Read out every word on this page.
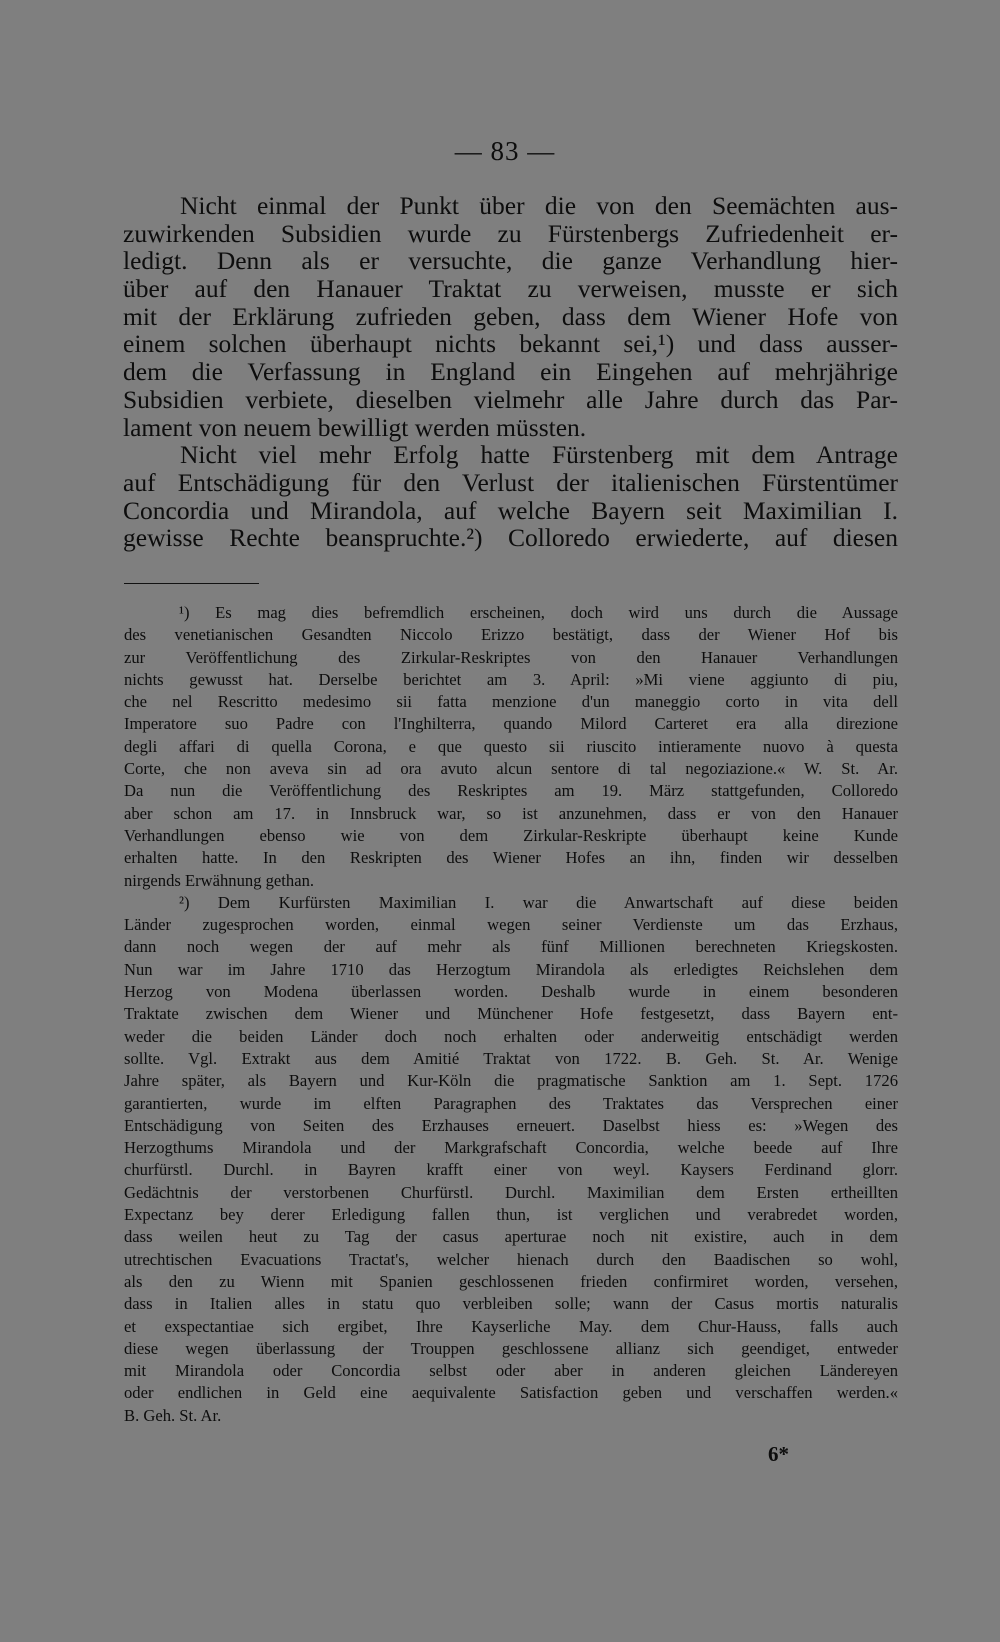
— 83 —
Nicht einmal der Punkt über die von den Seemächten aus-
zuwirkenden Subsidien wurde zu Fürstenbergs Zufriedenheit er-
ledigt. Denn als er versuchte, die ganze Verhandlung hier-
über auf den Hanauer Traktat zu verweisen, musste er sich
mit der Erklärung zufrieden geben, dass dem Wiener Hofe von
einem solchen überhaupt nichts bekannt sei,¹) und dass ausser-
dem die Verfassung in England ein Eingehen auf mehrjährige
Subsidien verbiete, dieselben vielmehr alle Jahre durch das Par-
lament von neuem bewilligt werden müssten.
Nicht viel mehr Erfolg hatte Fürstenberg mit dem Antrage
auf Entschädigung für den Verlust der italienischen Fürstentümer
Concordia und Mirandola, auf welche Bayern seit Maximilian I.
gewisse Rechte beanspruchte.²) Colloredo erwiederte, auf diesen
¹) Es mag dies befremdlich erscheinen, doch wird uns durch die Aussage
des venetianischen Gesandten Niccolo Erizzo bestätigt, dass der Wiener Hof bis
zur Veröffentlichung des Zirkular-Reskriptes von den Hanauer Verhandlungen
nichts gewusst hat. Derselbe berichtet am 3. April: »Mi viene aggiunto di piu,
che nel Rescritto medesimo sii fatta menzione d'un maneggio corto in vita dell
Imperatore suo Padre con l'Inghilterra, quando Milord Carteret era alla direzione
degli affari di quella Corona, e que questo sii riuscito intieramente nuovo à questa
Corte, che non aveva sin ad ora avuto alcun sentore di tal negoziazione.« W. St. Ar.
Da nun die Veröffentlichung des Reskriptes am 19. März stattgefunden, Colloredo
aber schon am 17. in Innsbruck war, so ist anzunehmen, dass er von den Hanauer
Verhandlungen ebenso wie von dem Zirkular-Reskripte überhaupt keine Kunde
erhalten hatte. In den Reskripten des Wiener Hofes an ihn, finden wir desselben
nirgends Erwähnung gethan.
²) Dem Kurfürsten Maximilian I. war die Anwartschaft auf diese beiden
Länder zugesprochen worden, einmal wegen seiner Verdienste um das Erzhaus,
dann noch wegen der auf mehr als fünf Millionen berechneten Kriegskosten.
Nun war im Jahre 1710 das Herzogtum Mirandola als erledigtes Reichslehen dem
Herzog von Modena überlassen worden. Deshalb wurde in einem besonderen
Traktate zwischen dem Wiener und Münchener Hofe festgesetzt, dass Bayern ent-
weder die beiden Länder doch noch erhalten oder anderweitig entschädigt werden
sollte. Vgl. Extrakt aus dem Amitié Traktat von 1722. B. Geh. St. Ar. Wenige
Jahre später, als Bayern und Kur-Köln die pragmatische Sanktion am 1. Sept. 1726
garantierten, wurde im elften Paragraphen des Traktates das Versprechen einer
Entschädigung von Seiten des Erzhauses erneuert. Daselbst hiess es: »Wegen des
Herzogthums Mirandola und der Markgrafschaft Concordia, welche beede auf Ihre
churfürstl. Durchl. in Bayren krafft einer von weyl. Kaysers Ferdinand glorr.
Gedächtnis der verstorbenen Churfürstl. Durchl. Maximilian dem Ersten ertheillten
Expectanz bey derer Erledigung fallen thun, ist verglichen und verabredet worden,
dass weilen heut zu Tag der casus aperturae noch nit existire, auch in dem
utrechtischen Evacuations Tractat's, welcher hienach durch den Baadischen so wohl,
als den zu Wienn mit Spanien geschlossenen frieden confirmiret worden, versehen,
dass in Italien alles in statu quo verbleiben solle; wann der Casus mortis naturalis
et exspectantiae sich ergibet, Ihre Kayserliche May. dem Chur-Hauss, falls auch
diese wegen überlassung der Trouppen geschlossene allianz sich geendiget, entweder
mit Mirandola oder Concordia selbst oder aber in anderen gleichen Ländereyen
oder endlichen in Geld eine aequivalente Satisfaction geben und verschaffen werden.«
B. Geh. St. Ar.
6*
